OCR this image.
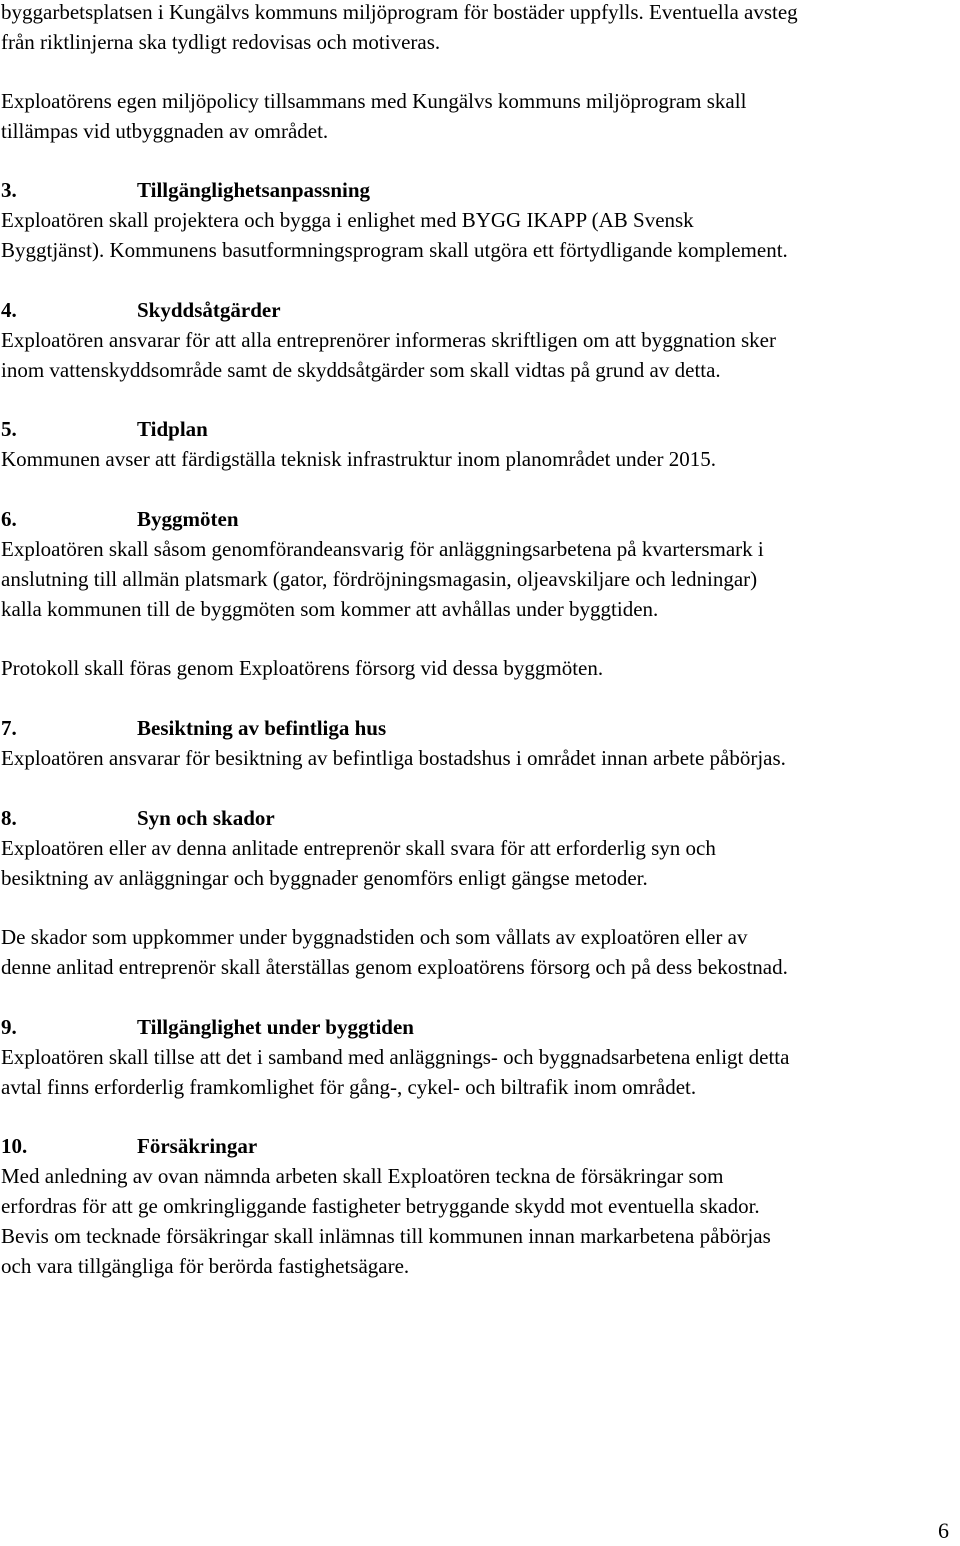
byggarbetsplatsen i Kungälvs kommuns miljöprogram för bostäder uppfylls. Eventuella avsteg
från riktlinjerna ska tydligt redovisas och motiveras.

Exploatörens egen miljöpolicy tillsammans med Kungälvs kommuns miljöprogram skall
tillämpas vid utbyggnaden av området.

3.	Tillgänglighetsanpassning

Exploatören skall projektera och bygga i enlighet med BYGG IKAPP (AB Svensk
Byggtjänst). Kommunens basutformningsprogram skall utgöra ett förtydligande komplement.

4.	Skyddsåtgärder

Exploatören ansvarar för att alla entreprenörer informeras skriftligen om att byggnation sker
inom vattenskyddsområde samt de skyddsåtgärder som skall vidtas på grund av detta.

5.	Tidplan

Kommunen avser att färdigställa teknisk infrastruktur inom planområdet under 2015.

6.	Byggmöten

Exploatören skall såsom genomförandeansvarig för anläggningsarbetena på kvartersmark i
anslutning till allmän platsmark (gator, fördröjningsmagasin, oljeavskiljare och ledningar)
kalla kommunen till de byggmöten som kommer att avhållas under byggtiden.

Protokoll skall föras genom Exploatörens försorg vid dessa byggmöten.

7.	Besiktning av befintliga hus

Exploatören ansvarar för besiktning av befintliga bostadshus i området innan arbete påbörjas.

8.	Syn och skador

Exploatören eller av denna anlitade entreprenör skall svara för att erforderlig syn och
besiktning av anläggningar och byggnader genomförs enligt gängse metoder.

De skador som uppkommer under byggnadstiden och som vållats av exploatören eller av
denne anlitad entreprenör skall återställas genom exploatörens försorg och på dess bekostnad.

9.	Tillgänglighet under byggtiden

Exploatören skall tillse att det i samband med anläggnings- och byggnadsarbetena enligt detta
avtal finns erforderlig framkomlighet för gång-, cykel- och biltrafik inom området.

10.	Försäkringar

Med anledning av ovan nämnda arbeten skall Exploatören teckna de försäkringar som
erfordras för att ge omkringliggande fastigheter betryggande skydd mot eventuella skador.
Bevis om tecknade försäkringar skall inlämnas till kommunen innan markarbetena påbörjas
och vara tillgängliga för berörda fastighetsägare.

6
